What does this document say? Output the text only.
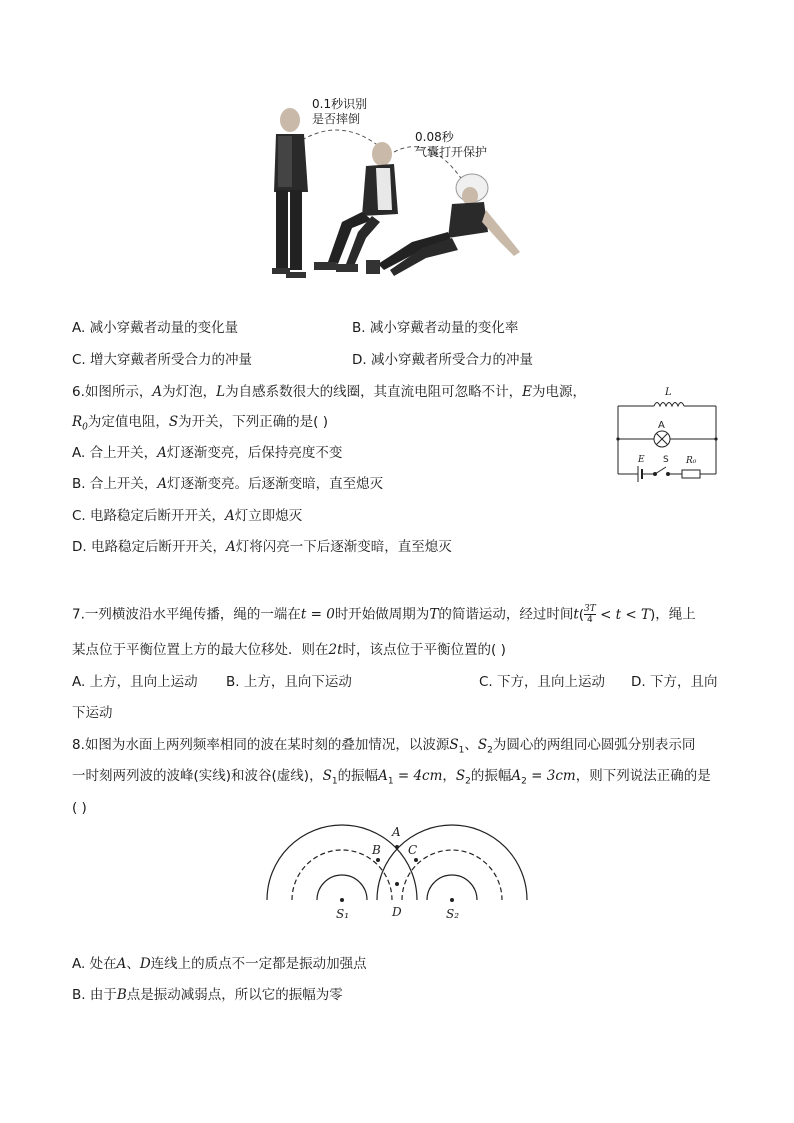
0.1秒识别
是否摔倒
0.08秒
气囊打开保护
A. 减小穿戴者动量的变化量	B. 减小穿戴者动量的变化率
C. 增大穿戴者所受合力的冲量	D. 减小穿戴者所受合力的冲量
6.如图所示，A为灯泡，L为自感系数很大的线圈，其直流电阻可忽略不计，E为电源，
$R_0$为定值电阻，S为开关，下列正确的是( )
A. 合上开关，A灯逐渐变亮，后保持亮度不变
B. 合上开关，A灯逐渐变亮。后逐渐变暗，直至熄灭
C. 电路稳定后断开开关，A灯立即熄灭
D. 电路稳定后断开开关，A灯将闪亮一下后逐渐变暗，直至熄灭
L
A
E S R₀
7.一列横波沿水平绳传播，绳的一端在t = 0时开始做周期为T的简谐运动，经过时间$t( \frac{3T}{4} < t < T)$，绳上
某点位于平衡位置上方的最大位移处．则在2t时，该点位于平衡位置的( )
A. 上方，且向上运动 B. 上方，且向下运动	C. 下方，且向上运动 D. 下方，且向
下运动
8.如图为水面上两列频率相同的波在某时刻的叠加情况，以波源$S_1$、$S_2$为圆心的两组同心圆弧分别表示同
一时刻两列波的波峰(实线)和波谷(虚线)，$S_1$的振幅$A_1 = 4cm$，$S_2$的振幅$A_2 = 3cm$，则下列说法正确的是
( )
A
B C
D
S₁	S₂
A. 处在A、D连线上的质点不一定都是振动加强点
B. 由于B点是振动减弱点，所以它的振幅为零
